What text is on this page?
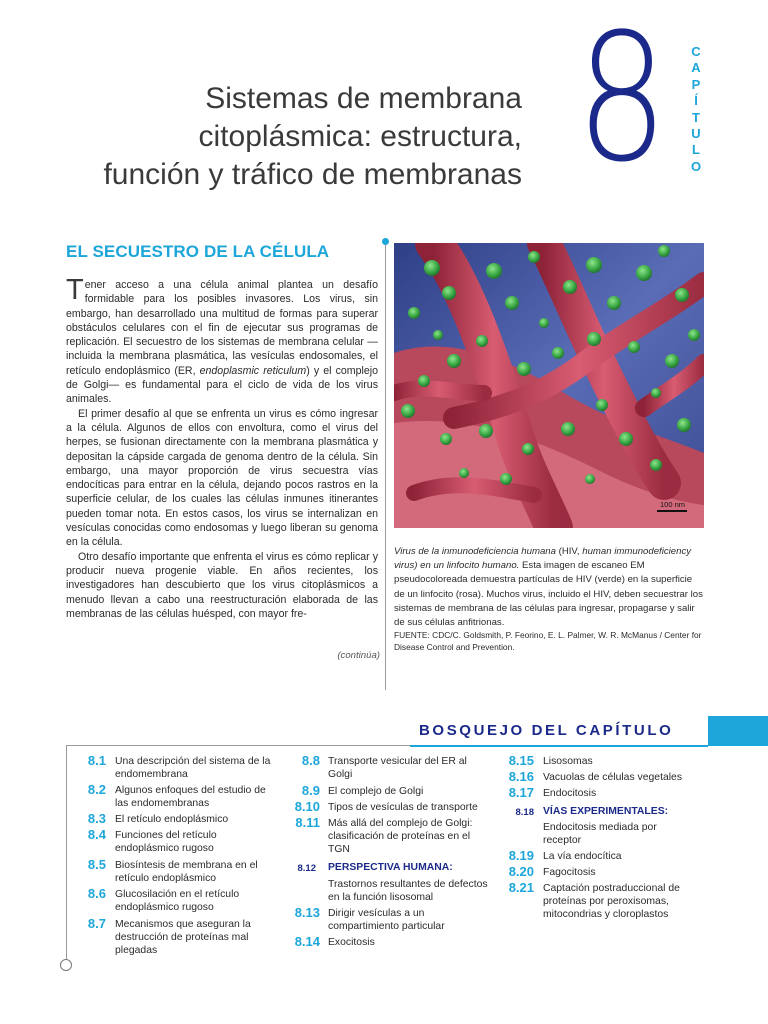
Sistemas de membrana
citoplásmica: estructura,
función y tráfico de membranas 8	C
A
P
Í
T
U
L
O
EL SECUESTRO DE LA CÉLULA

Tener acceso a una célula animal plantea un desafío formidable para los posibles invasores. Los virus, sin embargo, han desarrollado una multitud de formas para superar obstáculos celulares con el fin de ejecutar sus programas de replicación. El secuestro de los sistemas de membrana celular —incluida la membrana plasmática, las vesículas endosomales, el retículo endoplásmico (ER, endoplasmic reticulum) y el complejo de Golgi— es fundamental para el ciclo de vida de los virus animales.

El primer desafío al que se enfrenta un virus es cómo ingresar a la célula. Algunos de ellos con envoltura, como el virus del herpes, se fusionan directamente con la membrana plasmática y depositan la cápside cargada de genoma dentro de la célula. Sin embargo, una mayor proporción de virus secuestra vías endocíticas para entrar en la célula, dejando pocos rastros en la superficie celular, de los cuales las células inmunes itinerantes pueden tomar nota. En estos casos, los virus se internalizan en vesículas conocidas como endosomas y luego liberan su genoma en la célula.

Otro desafío importante que enfrenta el virus es cómo replicar y producir nueva progenie viable. En años recientes, los investigadores han descubierto que los virus citoplásmicos a menudo llevan a cabo una reestructuración elaborada de las membranas de las células huésped, con mayor fre-

(continúa)
100 nm

Virus de la inmunodeficiencia humana (HIV, human immunodeficiency virus) en un linfocito humano. Esta imagen de escaneo EM pseudocoloreada demuestra partículas de HIV (verde) en la superficie de un linfocito (rosa). Muchos virus, incluido el HIV, deben secuestrar los sistemas de membrana de las células para ingresar, propagarse y salir de sus células anfitrionas.

FUENTE: CDC/C. Goldsmith, P. Feorino, E. L. Palmer, W. R. McManus / Center for Disease Control and Prevention.

BOSQUEJO DEL CAPÍTULO
8.1 Una descripción del sistema de la endomembrana
8.2 Algunos enfoques del estudio de las endomembranas
8.3 El retículo endoplásmico
8.4 Funciones del retículo endoplásmico rugoso
8.5 Biosíntesis de membrana en el retículo endoplásmico
8.6 Glucosilación en el retículo endoplásmico rugoso
8.7 Mecanismos que aseguran la destrucción de proteínas mal plegadas
8.8 Transporte vesicular del ER al Golgi
8.9 El complejo de Golgi
8.10 Tipos de vesículas de transporte
8.11 Más allá del complejo de Golgi: clasificación de proteínas en el TGN
8.12 PERSPECTIVA HUMANA:
Trastornos resultantes de defectos en la función lisosomal
8.13 Dirigir vesículas a un compartimiento particular
8.14 Exocitosis
8.15 Lisosomas
8.16 Vacuolas de células vegetales
8.17 Endocitosis
8.18 VÍAS EXPERIMENTALES:
Endocitosis mediada por receptor
8.19 La vía endocítica
8.20 Fagocitosis
8.21 Captación postraduccional de proteínas por peroxisomas, mitocondrias y cloroplastos
